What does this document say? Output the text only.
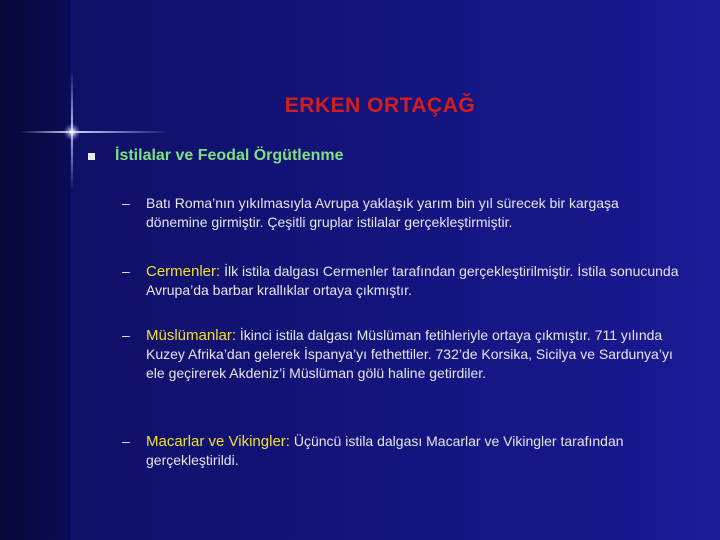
ERKEN ORTAÇAĞ
İstilalar ve Feodal Örgütlenme
– Batı Roma’nın yıkılmasıyla Avrupa yaklaşık yarım bin yıl sürecek bir kargaşa dönemine girmiştir. Çeşitli gruplar istilalar gerçekleştirmiştir.
– Cermenler: İlk istila dalgası Cermenler tarafından gerçekleştirilmiştir. İstila sonucunda Avrupa’da barbar krallıklar ortaya çıkmıştır.
– Müslümanlar: İkinci istila dalgası Müslüman fetihleriyle ortaya çıkmıştır. 711 yılında Kuzey Afrika’dan gelerek İspanya’yı fethettiler. 732’de Korsika, Sicilya ve Sardunya’yı ele geçirerek Akdeniz’i Müslüman gölü haline getirdiler.
– Macarlar ve Vikingler: Üçüncü istila dalgası Macarlar ve Vikingler tarafından gerçekleştirildi.
